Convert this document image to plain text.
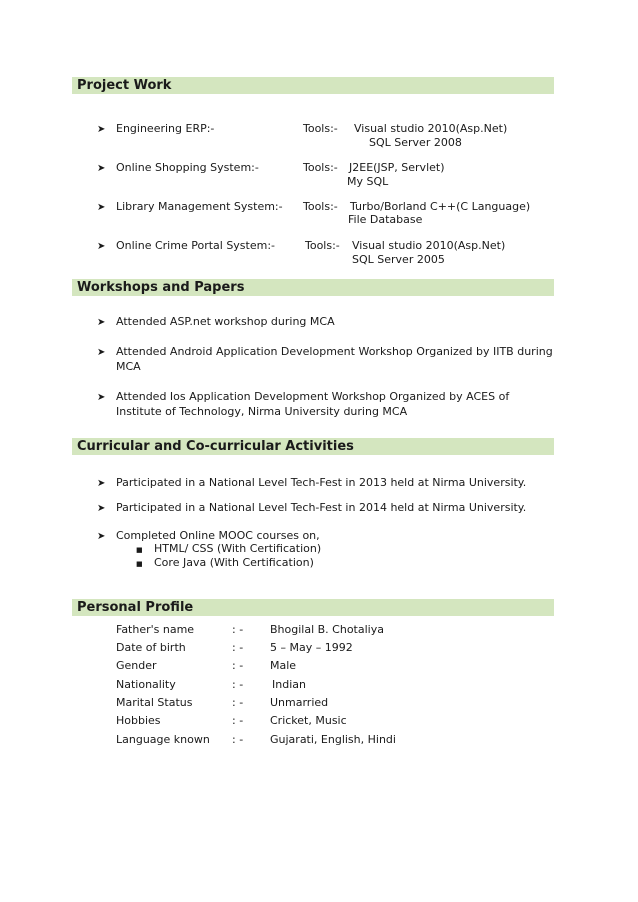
Project Work
➤ Engineering ERP:-	Tools:- Visual studio 2010(Asp.Net)
SQL Server 2008
➤ Online Shopping System:-	Tools:- J2EE(JSP, Servlet)
My SQL
➤ Library Management System:- Tools:- Turbo/Borland C++(C Language)
File Database
➤ Online Crime Portal System:-	Tools:- Visual studio 2010(Asp.Net)
SQL Server 2005
Workshops and Papers
➤ Attended ASP.net workshop during MCA
➤ Attended Android Application Development Workshop Organized by IITB during MCA
➤ Attended Ios Application Development Workshop Organized by ACES of Institute of Technology, Nirma University during MCA
Curricular and Co-curricular Activities
➤ Participated in a National Level Tech-Fest in 2013 held at Nirma University.
➤ Participated in a National Level Tech-Fest in 2014 held at Nirma University.
➤ Completed Online MOOC courses on,
■ HTML/ CSS (With Certification)
■ Core Java (With Certification)
Personal Profile
Father's name	: - Bhogilal B. Chotaliya
Date of birth	: - 5 – May – 1992
Gender	: - Male
Nationality	: -	Indian
Marital Status	: - Unmarried
Hobbies	: - Cricket, Music
Language known : - Gujarati, English, Hindi
